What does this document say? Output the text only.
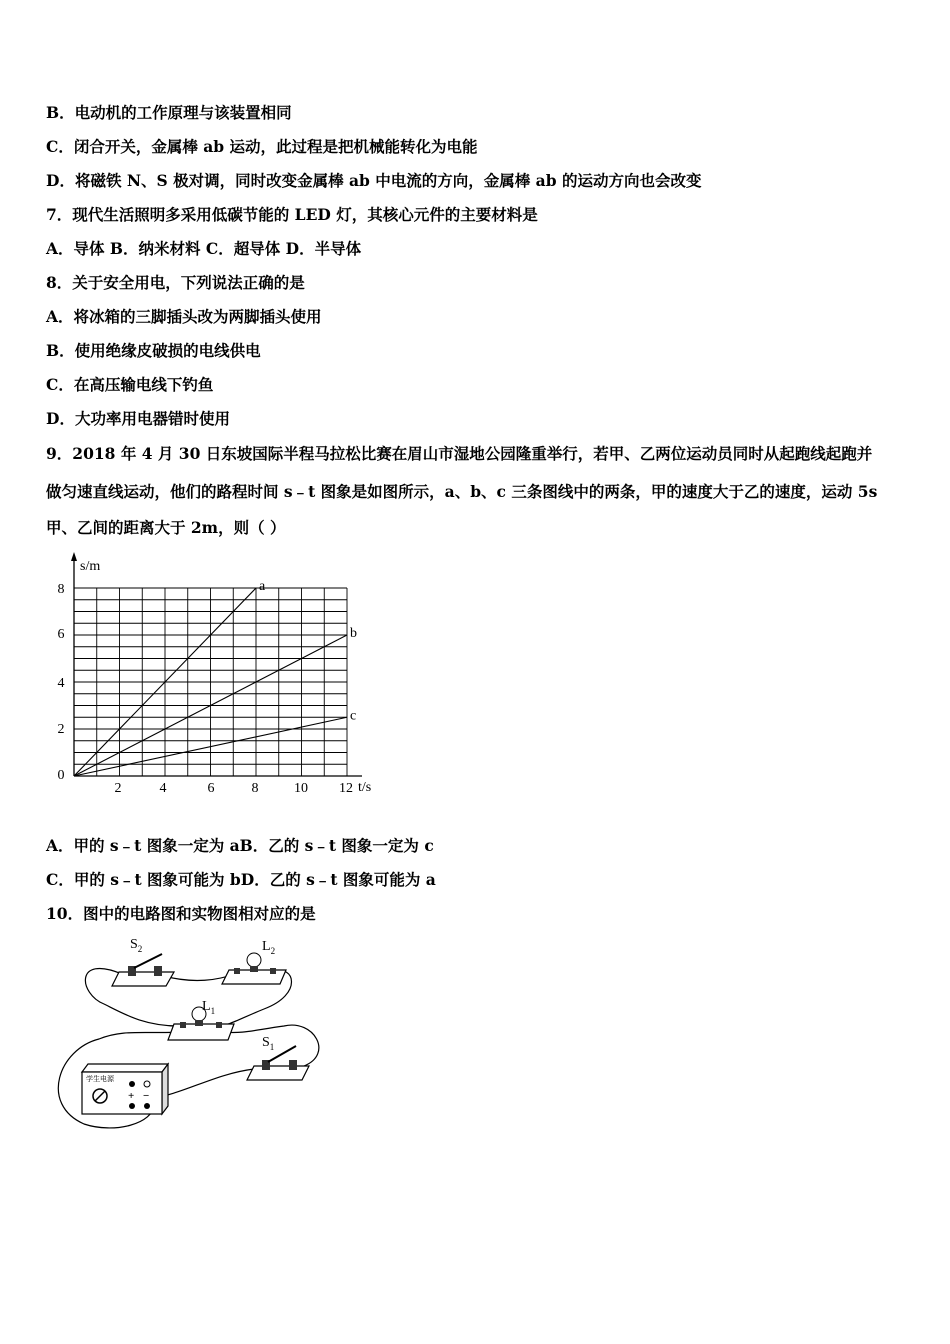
B．电动机的工作原理与该装置相同
C．闭合开关，金属棒 ab 运动，此过程是把机械能转化为电能
D．将磁铁 N、S 极对调，同时改变金属棒 ab 中电流的方向，金属棒 ab 的运动方向也会改变
7．现代生活照明多采用低碳节能的 LED 灯，其核心元件的主要材料是
A．导体 B．纳米材料 C．超导体 D．半导体
8．关于安全用电，下列说法正确的是
A．将冰箱的三脚插头改为两脚插头使用
B．使用绝缘皮破损的电线供电
C．在高压输电线下钓鱼
D．大功率用电器错时使用
9．2018 年 4 月 30 日东坡国际半程马拉松比赛在眉山市湿地公园隆重举行，若甲、乙两位运动员同时从起跑线起跑并
做匀速直线运动，他们的路程时间 s﹣t 图象是如图所示，a、b、c 三条图线中的两条，甲的速度大于乙的速度，运动 5s
甲、乙间的距离大于 2m，则（ ）
A．甲的 s﹣t 图象一定为 aB．乙的 s﹣t 图象一定为 c
C．甲的 s﹣t 图象可能为 bD．乙的 s﹣t 图象可能为 a
10．图中的电路图和实物图相对应的是
s/m
t/s
2	4	6	8	10 12
0
2
4
6
8	a
b
c
$S_2$	$L_2$
$L_1$
$S_1$
学生电源
+ −
